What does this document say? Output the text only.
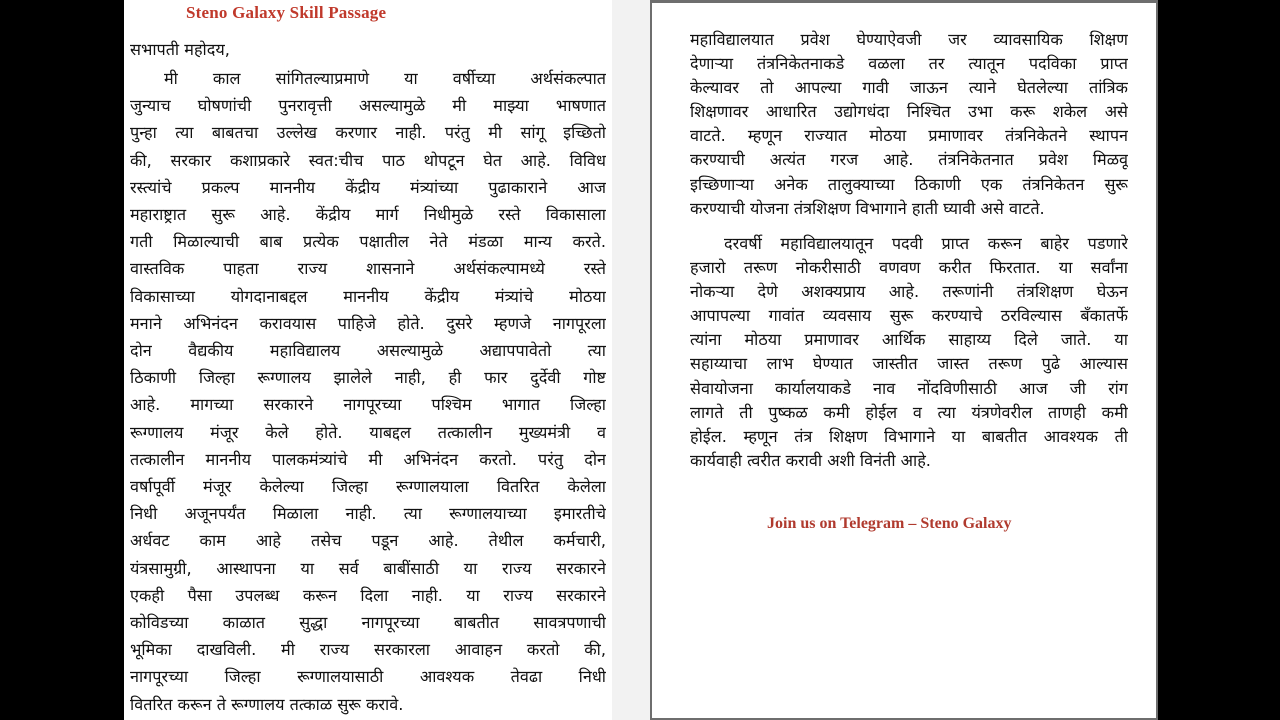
Steno Galaxy Skill Passage
सभापती महोदय,
मी काल सांगितल्याप्रमाणे या वर्षीच्या अर्थसंकल्पात
जुन्याच घोषणांची पुनरावृत्ती असल्यामुळे मी माझ्या भाषणात
पुन्हा त्या बाबतचा उल्लेख करणार नाही. परंतु मी सांगू इच्छितो
की, सरकार कशाप्रकारे स्वत:चीच पाठ थोपटून घेत आहे. विविध
रस्त्यांचे प्रकल्प माननीय केंद्रीय मंत्र्यांच्या पुढाकाराने आज
महाराष्ट्रात सुरू आहे. केंद्रीय मार्ग निधीमुळे रस्ते विकासाला
गती मिळाल्याची बाब प्रत्येक पक्षातील नेते मंडळा मान्य करते.
वास्तविक पाहता राज्य शासनाने अर्थसंकल्पामध्ये रस्ते
विकासाच्या योगदानाबद्दल माननीय केंद्रीय मंत्र्यांचे मोठया
मनाने अभिनंदन करावयास पाहिजे होते. दुसरे म्हणजे नागपूरला
दोन वैद्यकीय महाविद्यालय असल्यामुळे अद्यापपावेतो त्या
ठिकाणी जिल्हा रूग्णालय झालेले नाही, ही फार दुर्देवी गोष्ट
आहे. मागच्या सरकारने नागपूरच्या पश्चिम भागात जिल्हा
रूग्णालय मंजूर केले होते. याबद्दल तत्कालीन मुख्यमंत्री व
तत्कालीन माननीय पालकमंत्र्यांचे मी अभिनंदन करतो. परंतु दोन
वर्षापूर्वी मंजूर केलेल्या जिल्हा रूग्णालयाला वितरित केलेला
निधी अजूनपर्यंत मिळाला नाही. त्या रूग्णालयाच्या इमारतीचे
अर्धवट काम आहे तसेच पडून आहे. तेथील कर्मचारी,
यंत्रसामुग्री, आस्थापना या सर्व बाबींसाठी या राज्य सरकारने
एकही पैसा उपलब्ध करून दिला नाही. या राज्य सरकारने
कोविडच्या काळात सुद्धा नागपूरच्या बाबतीत सावत्रपणाची
भूमिका दाखविली. मी राज्य सरकारला आवाहन करतो की,
नागपूरच्या जिल्हा रूग्णालयासाठी आवश्यक तेवढा निधी
वितरित करून ते रूग्णालय तत्काळ सुरू करावे.
महाविद्यालयात प्रवेश घेण्याऐवजी जर व्यावसायिक शिक्षण
देणाऱ्या तंत्रनिकेतनाकडे वळला तर त्यातून पदविका प्राप्त
केल्यावर तो आपल्या गावी जाऊन त्याने घेतलेल्या तांत्रिक
शिक्षणावर आधारित उद्योगधंदा निश्चित उभा करू शकेल असे
वाटते. म्हणून राज्यात मोठया प्रमाणावर तंत्रनिकेतने स्थापन
करण्याची अत्यंत गरज आहे. तंत्रनिकेतनात प्रवेश मिळवू
इच्छिणाऱ्या अनेक तालुक्याच्या ठिकाणी एक तंत्रनिकेतन सुरू
करण्याची योजना तंत्रशिक्षण विभागाने हाती घ्यावी असे वाटते.
दरवर्षी महाविद्यालयातून पदवी प्राप्त करून बाहेर पडणारे
हजारो तरूण नोकरीसाठी वणवण करीत फिरतात. या सर्वांना
नोकऱ्या देणे अशक्यप्राय आहे. तरूणांनी तंत्रशिक्षण घेऊन
आपापल्या गावांत व्यवसाय सुरू करण्याचे ठरविल्यास बॅंकातर्फे
त्यांना मोठया प्रमाणावर आर्थिक साहाय्य दिले जाते. या
सहाय्याचा लाभ घेण्यात जास्तीत जास्त तरूण पुढे आल्यास
सेवायोजना कार्यालयाकडे नाव नोंदविणीसाठी आज जी रांग
लागते ती पुष्कळ कमी होईल व त्या यंत्रणेवरील ताणही कमी
होईल. म्हणून तंत्र शिक्षण विभागाने या बाबतीत आवश्यक ती
कार्यवाही त्वरीत करावी अशी विनंती आहे.
Join us on Telegram – Steno Galaxy
